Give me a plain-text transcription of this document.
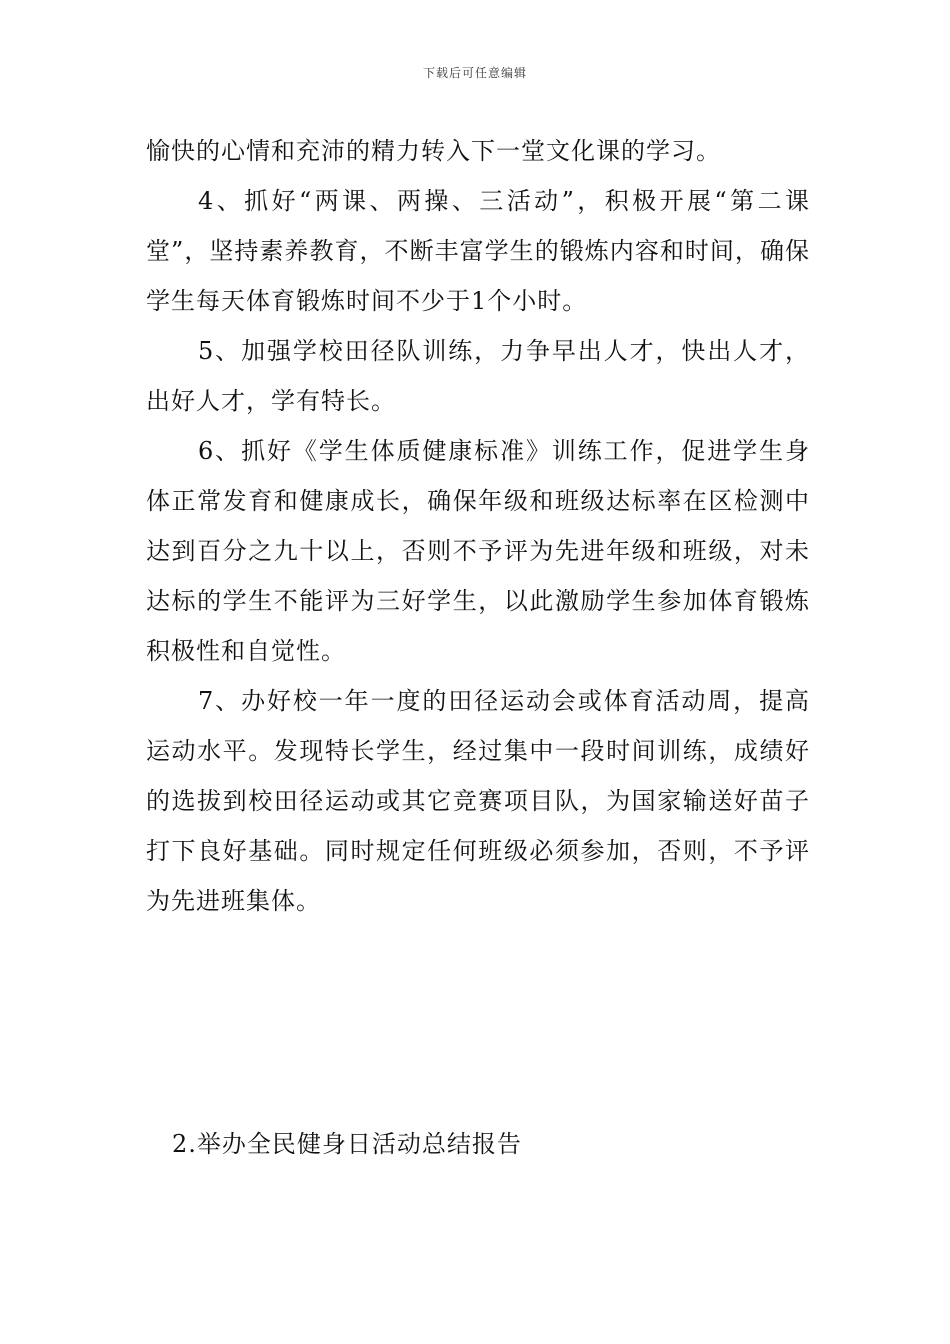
下载后可任意编辑

愉快的心情和充沛的精力转入下一堂文化课的学习。

4、抓好“两课、两操、三活动”，积极开展“第二课堂”，坚持素养教育，不断丰富学生的锻炼内容和时间，确保学生每天体育锻炼时间不少于1个小时。

5、加强学校田径队训练，力争早出人才，快出人才，出好人才，学有特长。

6、抓好《学生体质健康标准》训练工作，促进学生身体正常发育和健康成长，确保年级和班级达标率在区检测中达到百分之九十以上，否则不予评为先进年级和班级，对未达标的学生不能评为三好学生，以此激励学生参加体育锻炼积极性和自觉性。

7、办好校一年一度的田径运动会或体育活动周，提高运动水平。发现特长学生，经过集中一段时间训练，成绩好的选拔到校田径运动或其它竞赛项目队，为国家输送好苗子打下良好基础。同时规定任何班级必须参加，否则，不予评为先进班集体。

2.举办全民健身日活动总结报告
